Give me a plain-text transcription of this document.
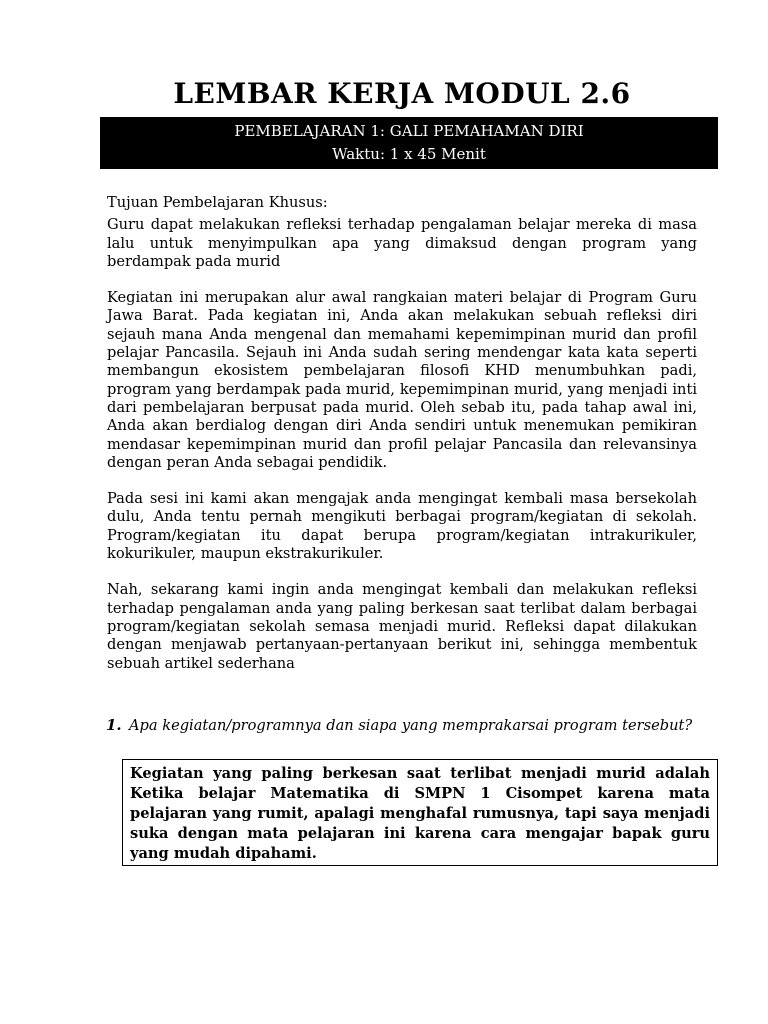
LEMBAR KERJA MODUL 2.6
PEMBELAJARAN 1: GALI PEMAHAMAN DIRI
Waktu: 1 x 45 Menit

Tujuan Pembelajaran Khusus:

Guru dapat melakukan refleksi terhadap pengalaman belajar mereka di masa lalu untuk menyimpulkan apa yang dimaksud dengan program yang berdampak pada murid

Kegiatan ini merupakan alur awal rangkaian materi belajar di Program Guru Jawa Barat. Pada kegiatan ini, Anda akan melakukan sebuah refleksi diri sejauh mana Anda mengenal dan memahami kepemimpinan murid dan profil pelajar Pancasila. Sejauh ini Anda sudah sering mendengar kata kata seperti membangun ekosistem pembelajaran filosofi KHD menumbuhkan padi, program yang berdampak pada murid, kepemimpinan murid, yang menjadi inti dari pembelajaran berpusat pada murid. Oleh sebab itu, pada tahap awal ini, Anda akan berdialog dengan diri Anda sendiri untuk menemukan pemikiran mendasar kepemimpinan murid dan profil pelajar Pancasila dan relevansinya dengan peran Anda sebagai pendidik.

Pada sesi ini kami akan mengajak anda mengingat kembali masa bersekolah dulu, Anda tentu pernah mengikuti berbagai program/kegiatan di sekolah. Program/kegiatan itu dapat berupa program/kegiatan intrakurikuler, kokurikuler, maupun ekstrakurikuler.

Nah, sekarang kami ingin anda mengingat kembali dan melakukan refleksi terhadap pengalaman anda yang paling berkesan saat terlibat dalam berbagai program/kegiatan sekolah semasa menjadi murid. Refleksi dapat dilakukan dengan menjawab pertanyaan-pertanyaan berikut ini, sehingga membentuk sebuah artikel sederhana

1. Apa kegiatan/programnya dan siapa yang memprakarsai program tersebut?
Kegiatan yang paling berkesan saat terlibat menjadi murid adalah Ketika belajar Matematika di SMPN 1 Cisompet karena mata pelajaran yang rumit, apalagi menghafal rumusnya, tapi saya menjadi suka dengan mata pelajaran ini karena cara mengajar bapak guru yang mudah dipahami.
